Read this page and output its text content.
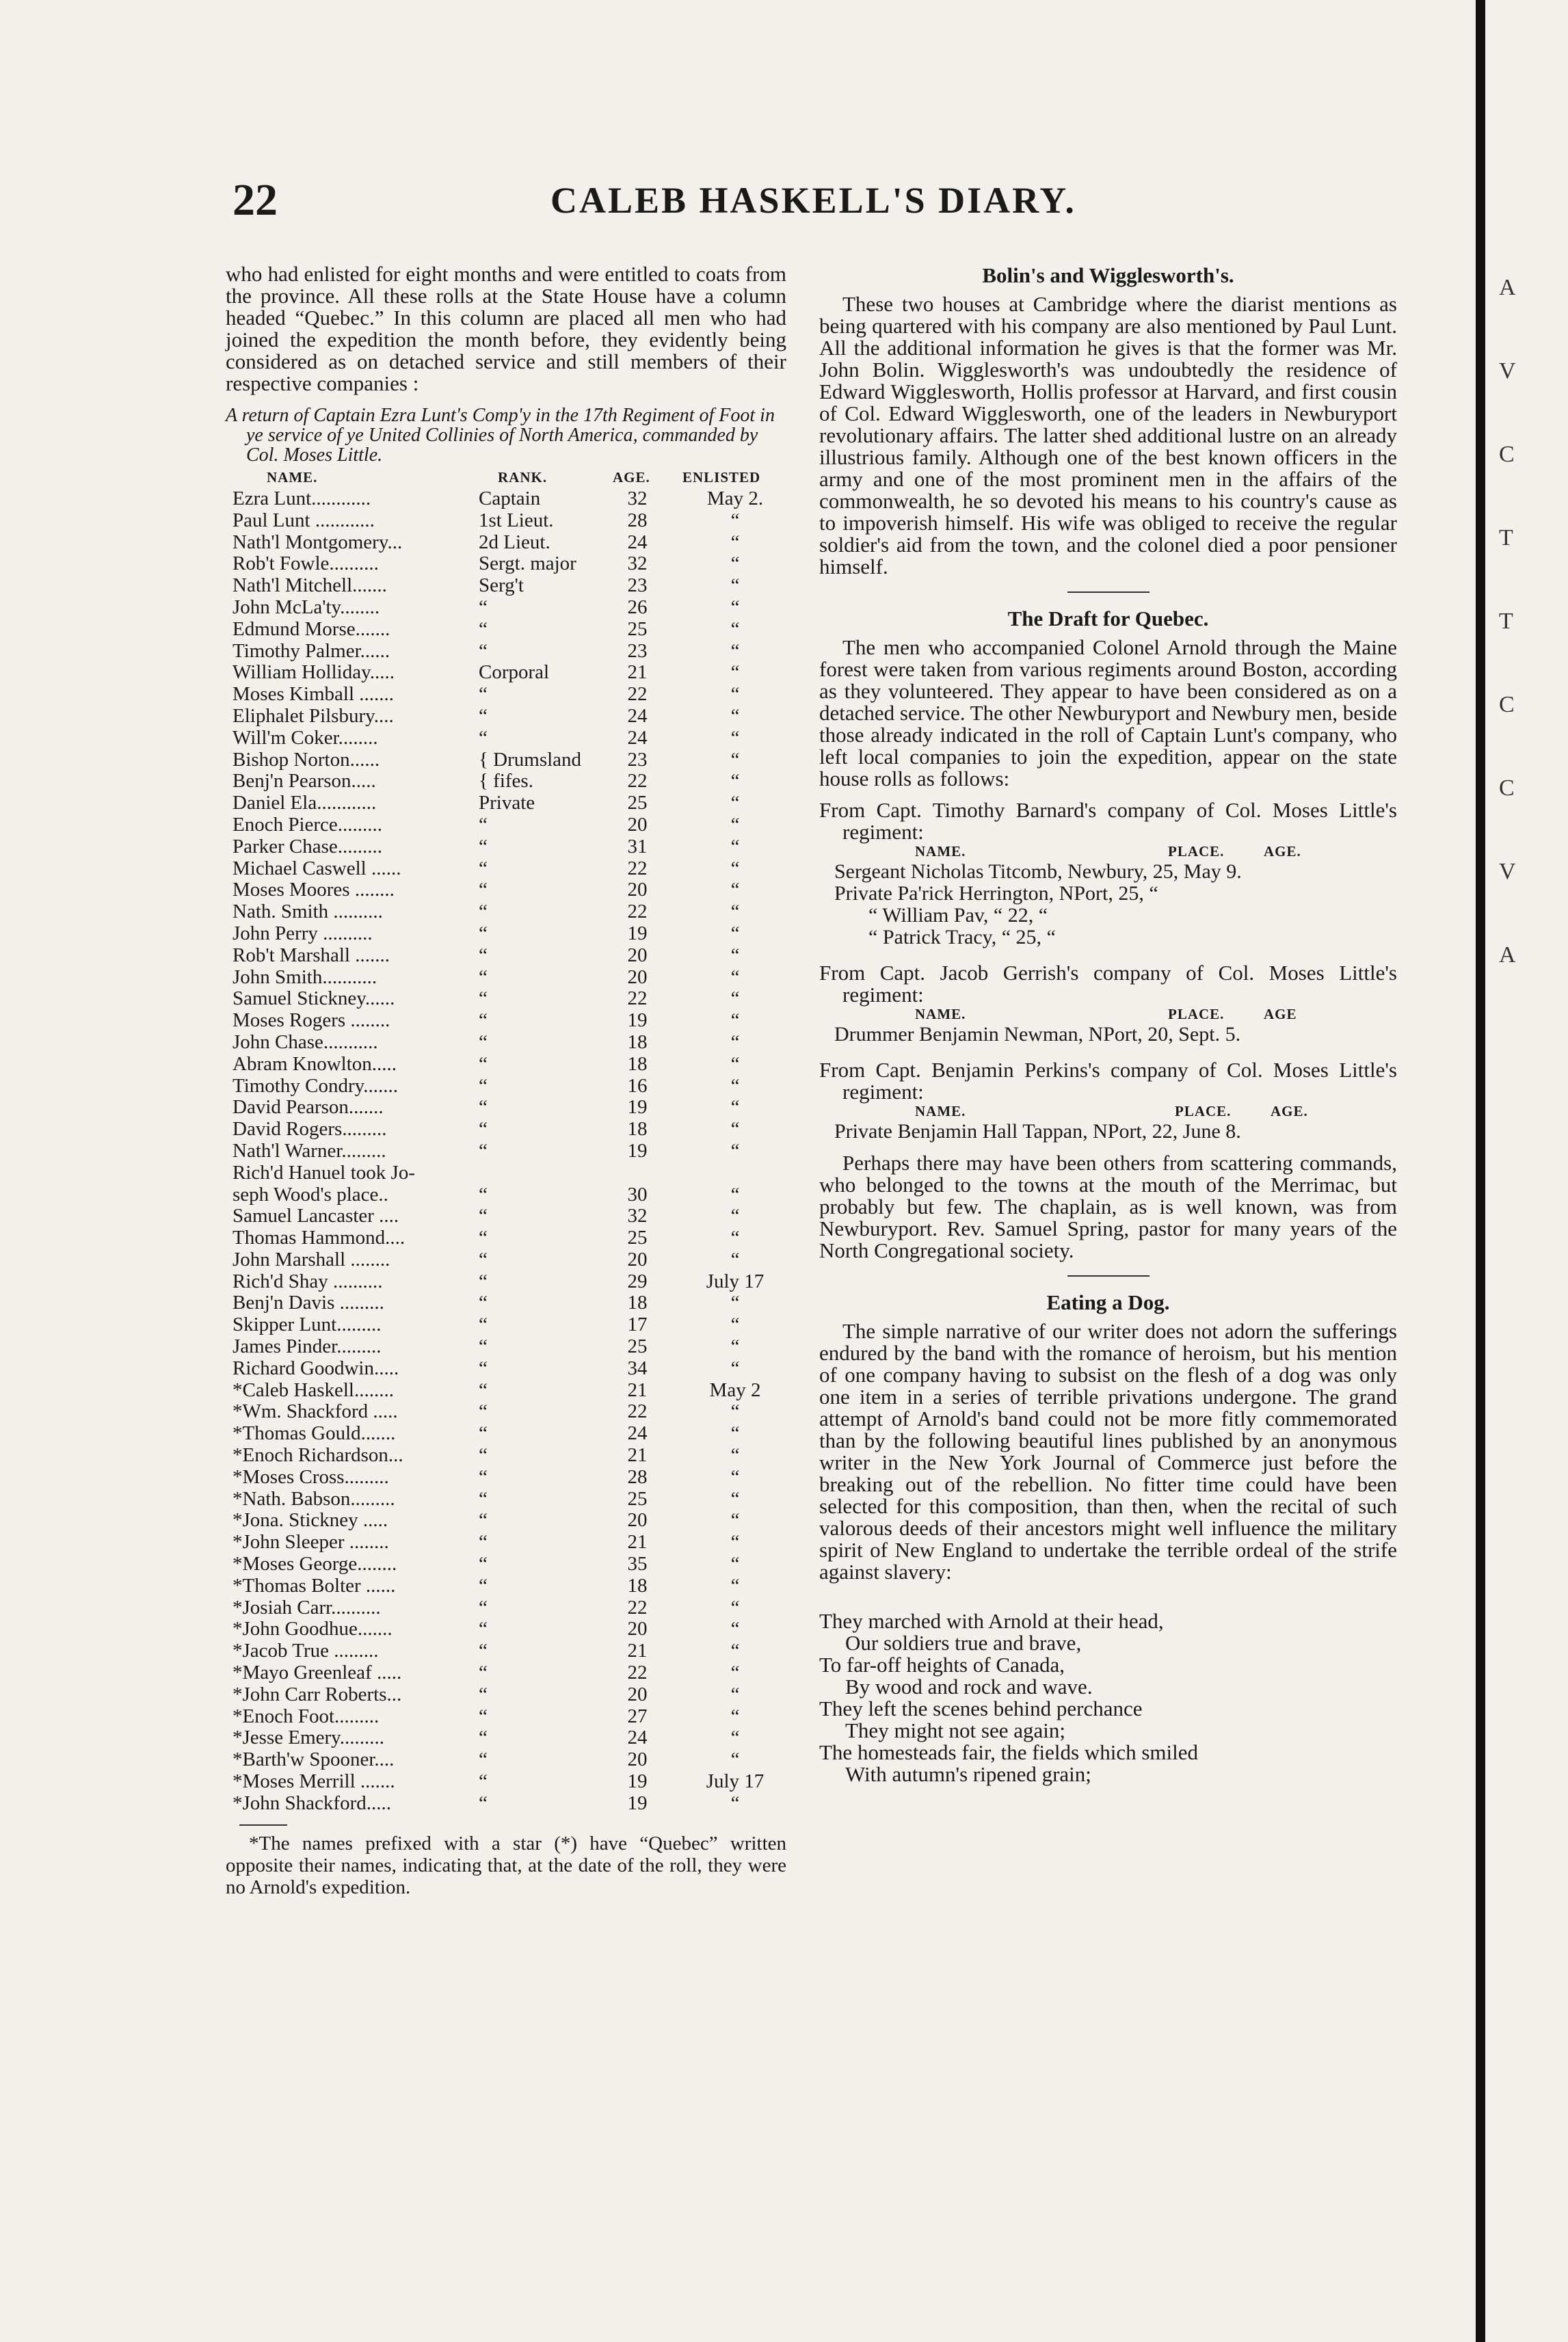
22	CALEB HASKELL'S DIARY.
A
V
C
T
T
C
C
V
A

who had enlisted for eight months and were entitled to coats from the province. All these rolls at the State House have a column headed “Quebec.” In this column are placed all men who had joined the expedition the month before, they evidently being considered as on detached service and still members of their respective companies :

A return of Captain Ezra Lunt's Comp'y in the 17th Regiment of Foot in ye service of ye United Collinies of North America, commanded by Col. Moses Little.

NAME.	RANK.	AGE. ENLISTED
Ezra Lunt............	Captain	32	May 2.
Paul Lunt ............	1st Lieut.	28	“
Nath'l Montgomery...	2d Lieut.	24	“
Rob't Fowle..........	Sergt. major	32	“
Nath'l Mitchell.......	Serg't	23	“
John McLa'ty........	“	26	“
Edmund Morse.......	“	25	“
Timothy Palmer......	“	23	“
William Holliday.....	Corporal	21	“
Moses Kimball .......	“	22	“
Eliphalet Pilsbury....	“	24	“
Will'm Coker........	“	24	“
Bishop Norton......	{ Drumsland	23	“
Benj'n Pearson.....	{ fifes.	22	“
Daniel Ela............	Private	25	“
Enoch Pierce.........	“	20	“
Parker Chase.........	“	31	“
Michael Caswell ......	“	22	“
Moses Moores ........	“	20	“
Nath. Smith ..........	“	22	“
John Perry ..........	“	19	“
Rob't Marshall .......	“	20	“
John Smith...........	“	20	“
Samuel Stickney......	“	22	“
Moses Rogers ........	“	19	“
John Chase...........	“	18	“
Abram Knowlton.....	“	18	“
Timothy Condry.......	“	16	“
David Pearson.......	“	19	“
David Rogers.........	“	18	“
Nath'l Warner.........	“	19	“
Rich'd Hanuel took Jo-
seph Wood's place..	“	30	“
Samuel Lancaster ....	“	32	“
Thomas Hammond....	“	25	“
John Marshall ........	“	20	“
Rich'd Shay ..........	“	29	July 17
Benj'n Davis .........	“	18	“
Skipper Lunt.........	“	17	“
James Pinder.........	“	25	“
Richard Goodwin.....	“	34	“
*Caleb Haskell........	“	21	May 2
*Wm. Shackford .....	“	22	“
*Thomas Gould.......	“	24	“
*Enoch Richardson...	“	21	“
*Moses Cross.........	“	28	“
*Nath. Babson.........	“	25	“
*Jona. Stickney .....	“	20	“
*John Sleeper ........	“	21	“
*Moses George........	“	35	“
*Thomas Bolter ......	“	18	“
*Josiah Carr..........	“	22	“
*John Goodhue.......	“	20	“
*Jacob True .........	“	21	“
*Mayo Greenleaf .....	“	22	“
*John Carr Roberts...	“	20	“
*Enoch Foot.........	“	27	“
*Jesse Emery.........	“	24	“
*Barth'w Spooner....	“	20	“
*Moses Merrill .......	“	19	July 17
*John Shackford.....	“	19	“

*The names prefixed with a star (*) have “Quebec” written opposite their names, indicating that, at the date of the roll, they were no Arnold's expedition.

Bolin's and Wigglesworth's.

These two houses at Cambridge where the diarist mentions as being quartered with his company are also mentioned by Paul Lunt. All the additional information he gives is that the former was Mr. John Bolin. Wigglesworth's was undoubtedly the residence of Edward Wigglesworth, Hollis professor at Harvard, and first cousin of Col. Edward Wigglesworth, one of the leaders in Newburyport revolutionary affairs. The latter shed additional lustre on an already illustrious family. Although one of the best known officers in the army and one of the most prominent men in the affairs of the commonwealth, he so devoted his means to his country's cause as to impoverish himself. His wife was obliged to receive the regular soldier's aid from the town, and the colonel died a poor pensioner himself.

The Draft for Quebec.

The men who accompanied Colonel Arnold through the Maine forest were taken from various regiments around Boston, according as they volunteered. They appear to have been considered as on a detached service. The other Newburyport and Newbury men, beside those already indicated in the roll of Captain Lunt's company, who left local companies to join the expedition, appear on the state house rolls as follows:

From Capt. Timothy Barnard's company of Col. Moses Little's regiment:

NAME.	PLACE.	AGE.
Sergeant Nicholas Titcomb, Newbury, 25, May 9.
Private Pa'rick Herrington, NPort, 25, “
“ William Pav, “ 22, “
“ Patrick Tracy, “ 25, “

From Capt. Jacob Gerrish's company of Col. Moses Little's regiment:

NAME.	PLACE.	AGE
Drummer Benjamin Newman, NPort, 20, Sept. 5.

From Capt. Benjamin Perkins's company of Col. Moses Little's regiment:

NAME.	PLACE.	AGE.
Private Benjamin Hall Tappan, NPort, 22, June 8.

Perhaps there may have been others from scattering commands, who belonged to the towns at the mouth of the Merrimac, but probably but few. The chaplain, as is well known, was from Newburyport. Rev. Samuel Spring, pastor for many years of the North Congregational society.

Eating a Dog.

The simple narrative of our writer does not adorn the sufferings endured by the band with the romance of heroism, but his mention of one company having to subsist on the flesh of a dog was only one item in a series of terrible privations undergone. The grand attempt of Arnold's band could not be more fitly commemorated than by the following beautiful lines published by an anonymous writer in the New York Journal of Commerce just before the breaking out of the rebellion. No fitter time could have been selected for this composition, than then, when the recital of such valorous deeds of their ancestors might well influence the military spirit of New England to undertake the terrible ordeal of the strife against slavery:

They marched with Arnold at their head,
Our soldiers true and brave,
To far-off heights of Canada,
By wood and rock and wave.
They left the scenes behind perchance
They might not see again;
The homesteads fair, the fields which smiled
With autumn's ripened grain;
